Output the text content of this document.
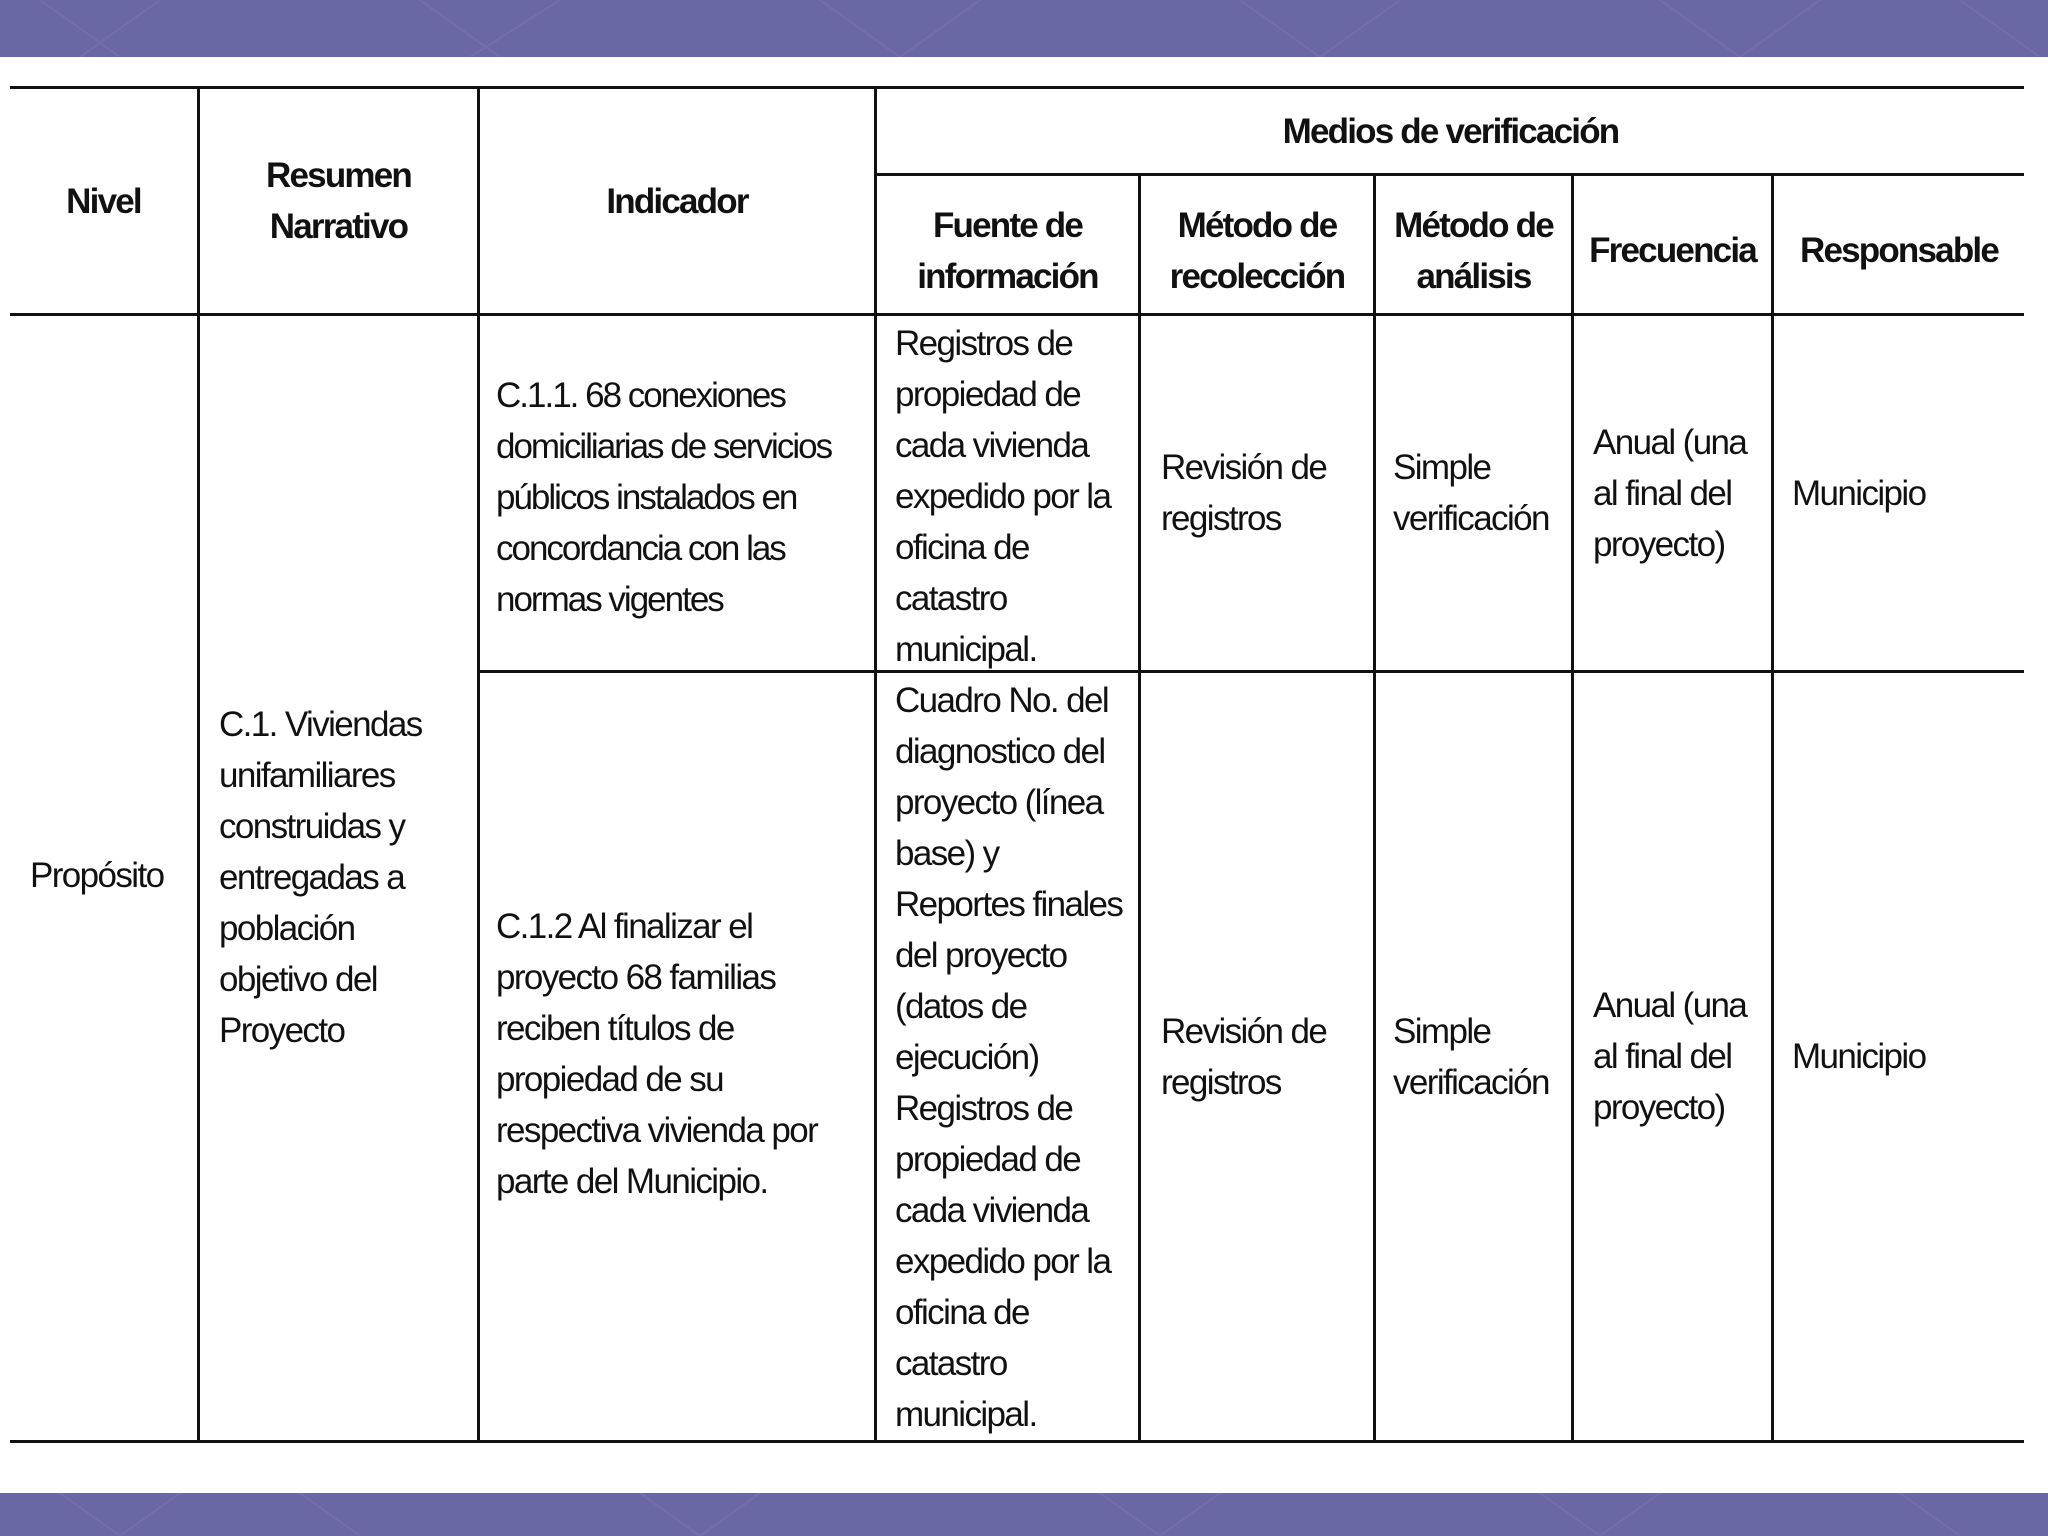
Nivel
Resumen
Narrativo
Indicador
Medios de verificación
Fuente de
información
Método de
recolección
Método de
análisis
Frecuencia Responsable
Propósito
C.1. Viviendas
unifamiliares
construidas y
entregadas a
población
objetivo del
Proyecto
C.1.1. 68 conexiones
domiciliarias de servicios
públicos instalados en
concordancia con las
normas vigentes
Registros de
propiedad de
cada vivienda
expedido por la
oficina de
catastro
municipal.
Revisión de
registros
Simple
verificación
Anual (una
al final del
proyecto)
Municipio
C.1.2 Al finalizar el
proyecto 68 familias
reciben títulos de
propiedad de su
respectiva vivienda por
parte del Municipio.
Cuadro No. del
diagnostico del
proyecto (línea
base) y
Reportes finales
del proyecto
(datos de
ejecución)
Registros de
propiedad de
cada vivienda
expedido por la
oficina de
catastro
municipal.
Revisión de
registros
Simple
verificación
Anual (una
al final del
proyecto)
Municipio
